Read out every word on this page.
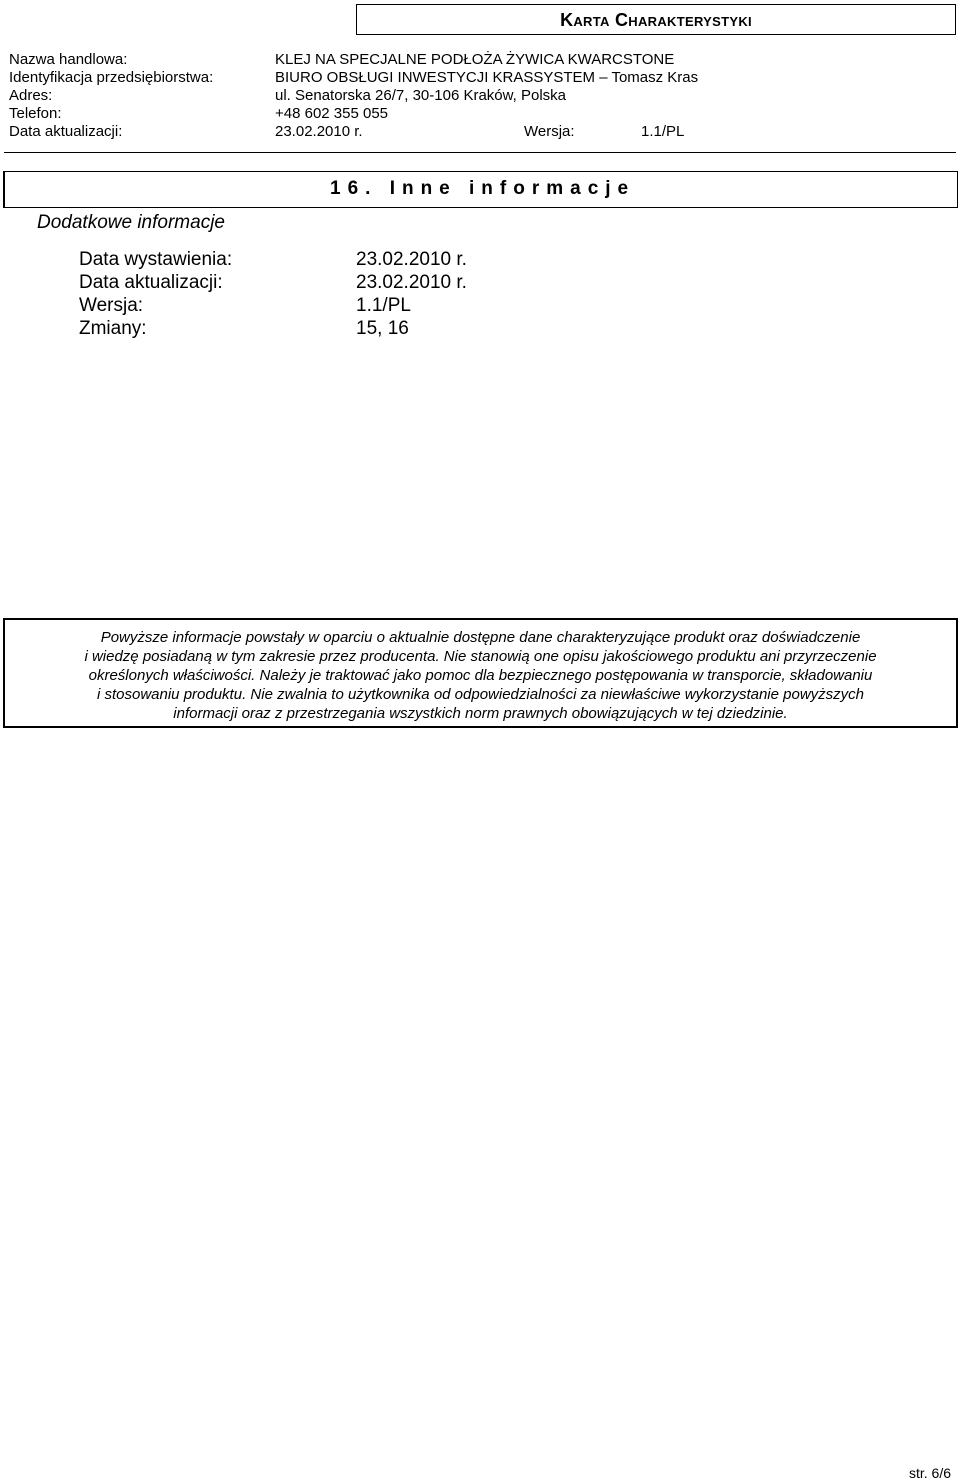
Karta Charakterystyki
Nazwa handlowa:	KLEJ NA SPECJALNE PODŁOŻA ŻYWICA KWARCSTONE
Identyfikacja przedsiębiorstwa:	BIURO OBSŁUGI INWESTYCJI KRASSYSTEM – Tomasz Kras
Adres:	ul. Senatorska 26/7, 30-106 Kraków, Polska
Telefon:	+48 602 355 055
Data aktualizacji:	23.02.2010 r.	Wersja:	1.1/PL
16. Inne informacje
Dodatkowe informacje
Data wystawienia:	23.02.2010 r.
Data aktualizacji:	23.02.2010 r.
Wersja:	1.1/PL
Zmiany:	15, 16
Powyższe informacje powstały w oparciu o aktualnie dostępne dane charakteryzujące produkt oraz doświadczenie
i wiedzę posiadaną w tym zakresie przez producenta. Nie stanowią one opisu jakościowego produktu ani przyrzeczenie
określonych właściwości. Należy je traktować jako pomoc dla bezpiecznego postępowania w transporcie, składowaniu
i stosowaniu produktu. Nie zwalnia to użytkownika od odpowiedzialności za niewłaściwe wykorzystanie powyższych
informacji oraz z przestrzegania wszystkich norm prawnych obowiązujących w tej dziedzinie.
str. 6/6
